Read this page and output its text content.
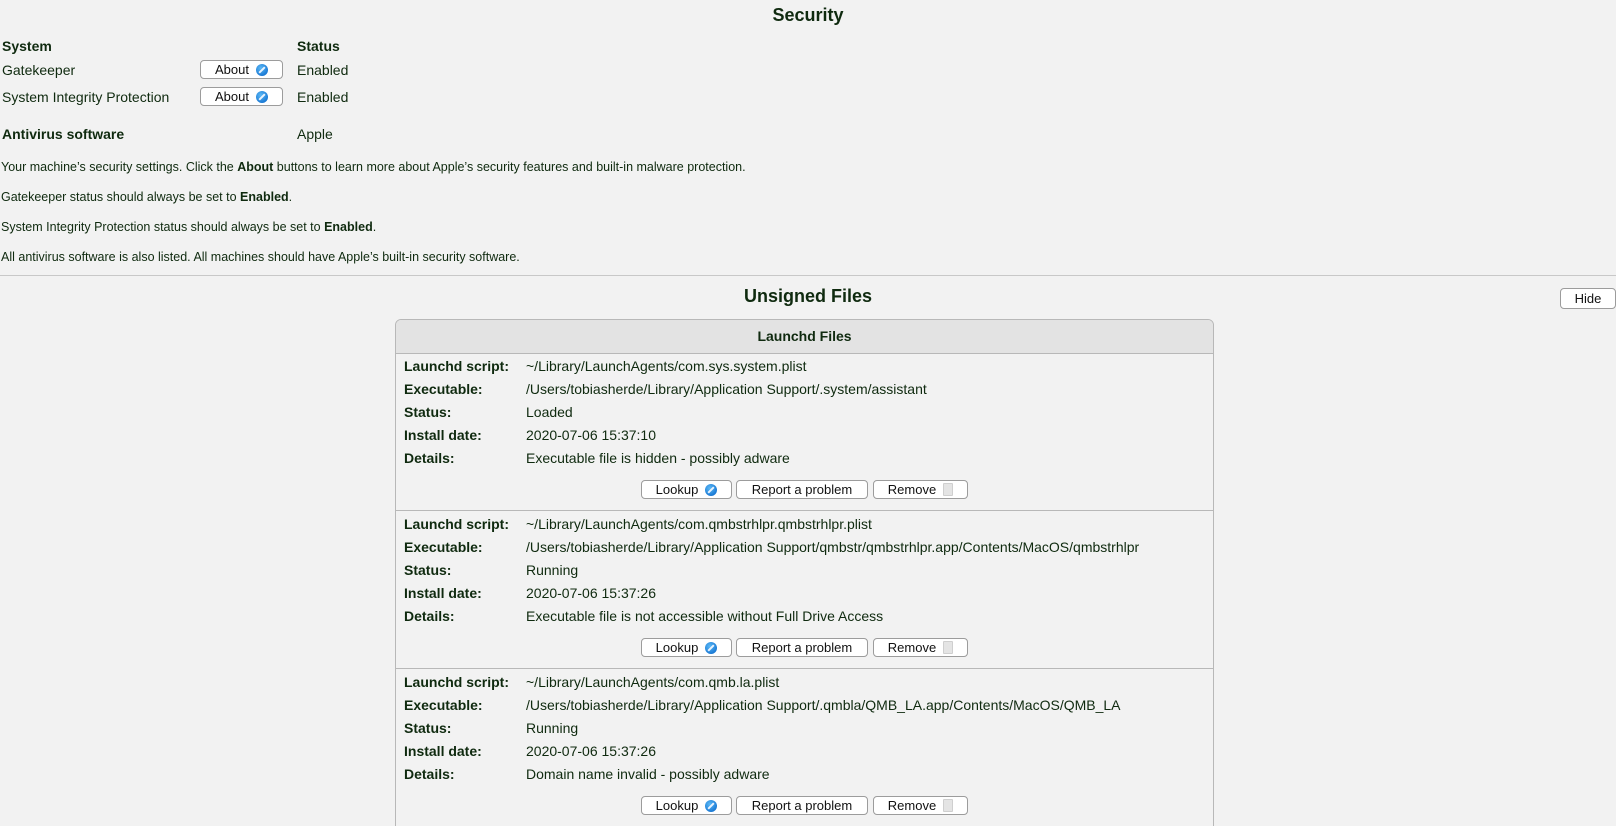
Security
System	Status
Gatekeeper	About	Enabled
System Integrity Protection	About	Enabled
Antivirus software	Apple
Your machine’s security settings. Click the About buttons to learn more about Apple’s security features and built-in malware protection.
Gatekeeper status should always be set to Enabled.
System Integrity Protection status should always be set to Enabled.
All antivirus software is also listed. All machines should have Apple’s built-in security software.
Unsigned Files	Hide
Launchd Files
Launchd script: ~/Library/LaunchAgents/com.sys.system.plist
Executable:	/Users/tobiasherde/Library/Application Support/.system/assistant
Status:	Loaded
Install date:	2020-07-06 15:37:10
Details:	Executable file is hidden - possibly adware
Lookup	Report a problem	Remove
Launchd script: ~/Library/LaunchAgents/com.qmbstrhlpr.qmbstrhlpr.plist
Executable:	/Users/tobiasherde/Library/Application Support/qmbstr/qmbstrhlpr.app/Contents/MacOS/qmbstrhlpr
Status:	Running
Install date:	2020-07-06 15:37:26
Details:	Executable file is not accessible without Full Drive Access
Lookup	Report a problem	Remove
Launchd script: ~/Library/LaunchAgents/com.qmb.la.plist
Executable:	/Users/tobiasherde/Library/Application Support/.qmbla/QMB_LA.app/Contents/MacOS/QMB_LA
Status:	Running
Install date:	2020-07-06 15:37:26
Details:	Domain name invalid - possibly adware
Lookup	Report a problem	Remove
